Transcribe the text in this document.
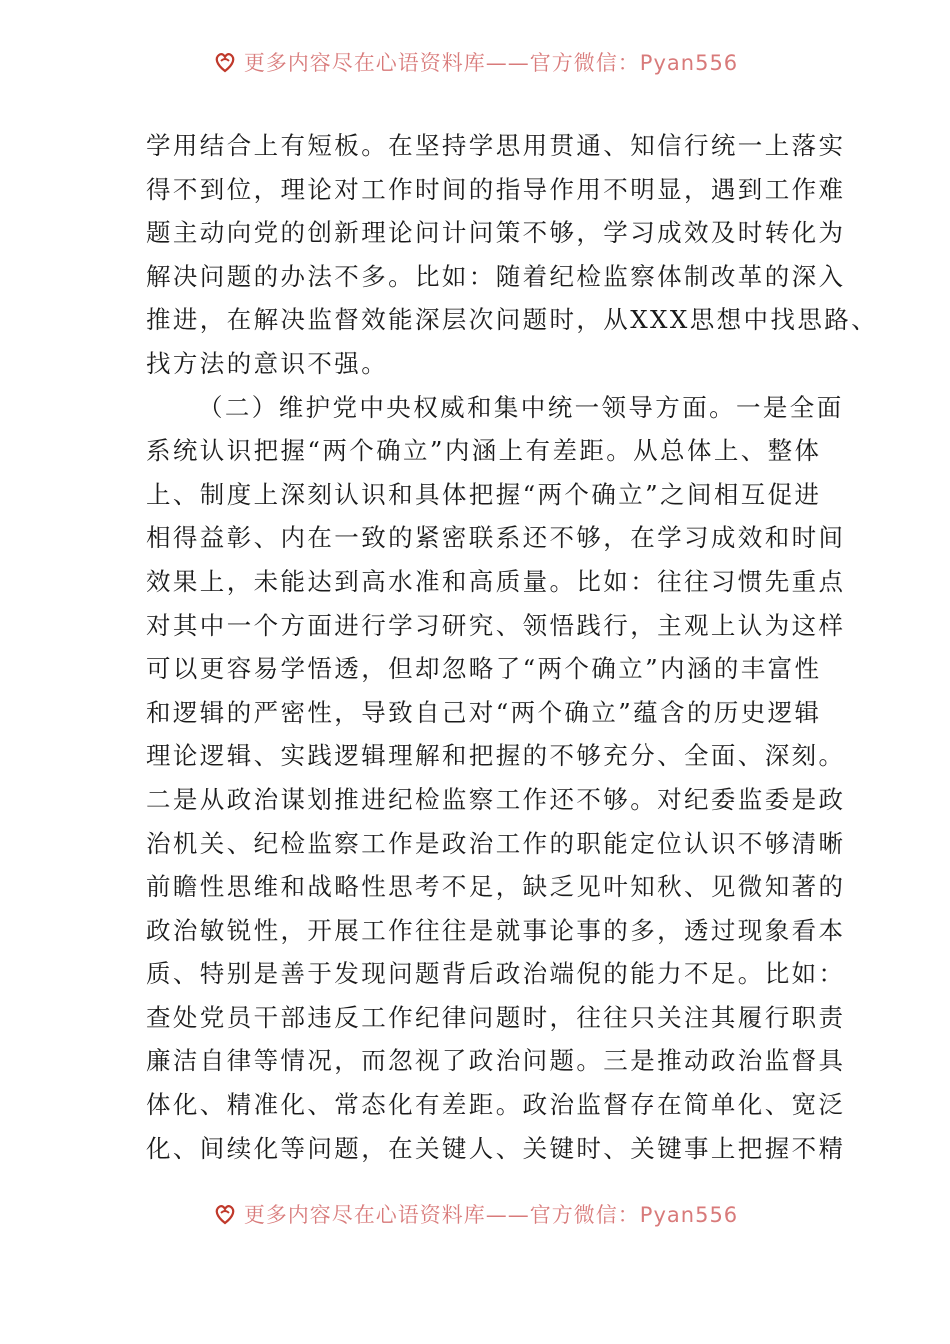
更多内容尽在心语资料库——官方微信：Pyan556
学用结合上有短板。在坚持学思用贯通、知信行统一上落实
得不到位，理论对工作时间的指导作用不明显，遇到工作难
题主动向党的创新理论问计问策不够，学习成效及时转化为
解决问题的办法不多。比如：随着纪检监察体制改革的深入
推进，在解决监督效能深层次问题时，从XXX思想中找思路、
找方法的意识不强。
（二）维护党中央权威和集中统一领导方面。一是全面
系统认识把握“两个确立”内涵上有差距。从总体上、整体
上、制度上深刻认识和具体把握“两个确立”之间相互促进
相得益彰、内在一致的紧密联系还不够，在学习成效和时间
效果上，未能达到高水准和高质量。比如：往往习惯先重点
对其中一个方面进行学习研究、领悟践行，主观上认为这样
可以更容易学悟透，但却忽略了“两个确立”内涵的丰富性
和逻辑的严密性，导致自己对“两个确立”蕴含的历史逻辑
理论逻辑、实践逻辑理解和把握的不够充分、全面、深刻。
二是从政治谋划推进纪检监察工作还不够。对纪委监委是政
治机关、纪检监察工作是政治工作的职能定位认识不够清晰
前瞻性思维和战略性思考不足，缺乏见叶知秋、见微知著的
政治敏锐性，开展工作往往是就事论事的多，透过现象看本
质、特别是善于发现问题背后政治端倪的能力不足。比如：
查处党员干部违反工作纪律问题时，往往只关注其履行职责
廉洁自律等情况，而忽视了政治问题。三是推动政治监督具
体化、精准化、常态化有差距。政治监督存在简单化、宽泛
化、间续化等问题，在关键人、关键时、关键事上把握不精
更多内容尽在心语资料库——官方微信：Pyan556
